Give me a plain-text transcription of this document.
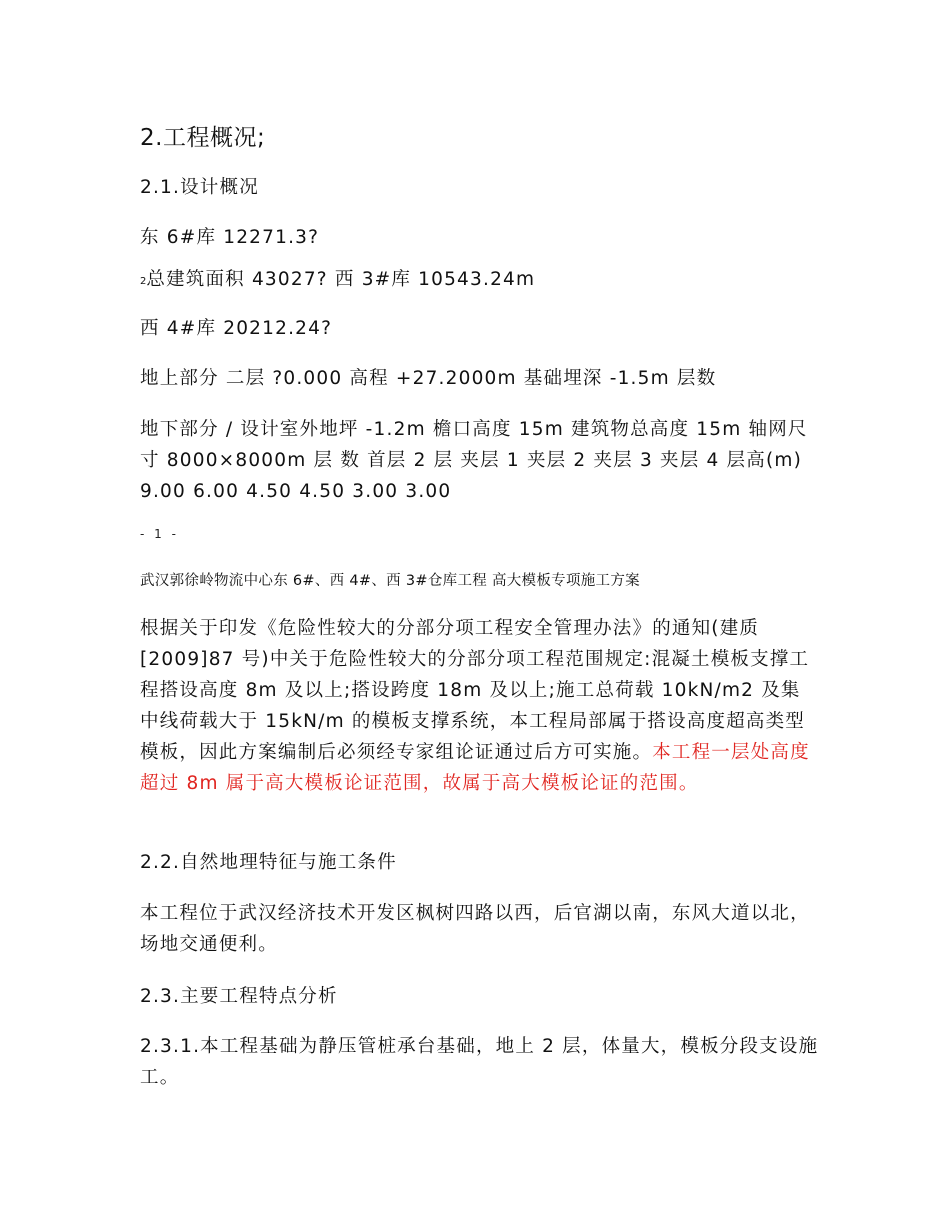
2.工程概况;
2.1.设计概况
东 6#库 12271.3?
2总建筑面积 43027? 西 3#库 10543.24m
西 4#库 20212.24?
地上部分 二层 ?0.000 高程 +27.2000m 基础埋深 -1.5m 层数
地下部分 / 设计室外地坪 -1.2m 檐口高度 15m 建筑物总高度 15m 轴网尺寸 8000×8000m 层 数 首层 2 层 夹层 1 夹层 2 夹层 3 夹层 4 层高(m) 9.00 6.00 4.50 4.50 3.00 3.00
- 1 -
武汉郭徐岭物流中心东 6#、西 4#、西 3#仓库工程 高大模板专项施工方案
根据关于印发《危险性较大的分部分项工程安全管理办法》的通知(建质[2009]87 号)中关于危险性较大的分部分项工程范围规定:混凝土模板支撑工程搭设高度 8m 及以上;搭设跨度 18m 及以上;施工总荷载 10kN/m2 及集中线荷载大于 15kN/m 的模板支撑系统，本工程局部属于搭设高度超高类型模板，因此方案编制后必须经专家组论证通过后方可实施。本工程一层处高度超过 8m 属于高大模板论证范围，故属于高大模板论证的范围。
2.2.自然地理特征与施工条件
本工程位于武汉经济技术开发区枫树四路以西，后官湖以南，东风大道以北，场地交通便利。
2.3.主要工程特点分析
2.3.1.本工程基础为静压管桩承台基础，地上 2 层，体量大，模板分段支设施工。
